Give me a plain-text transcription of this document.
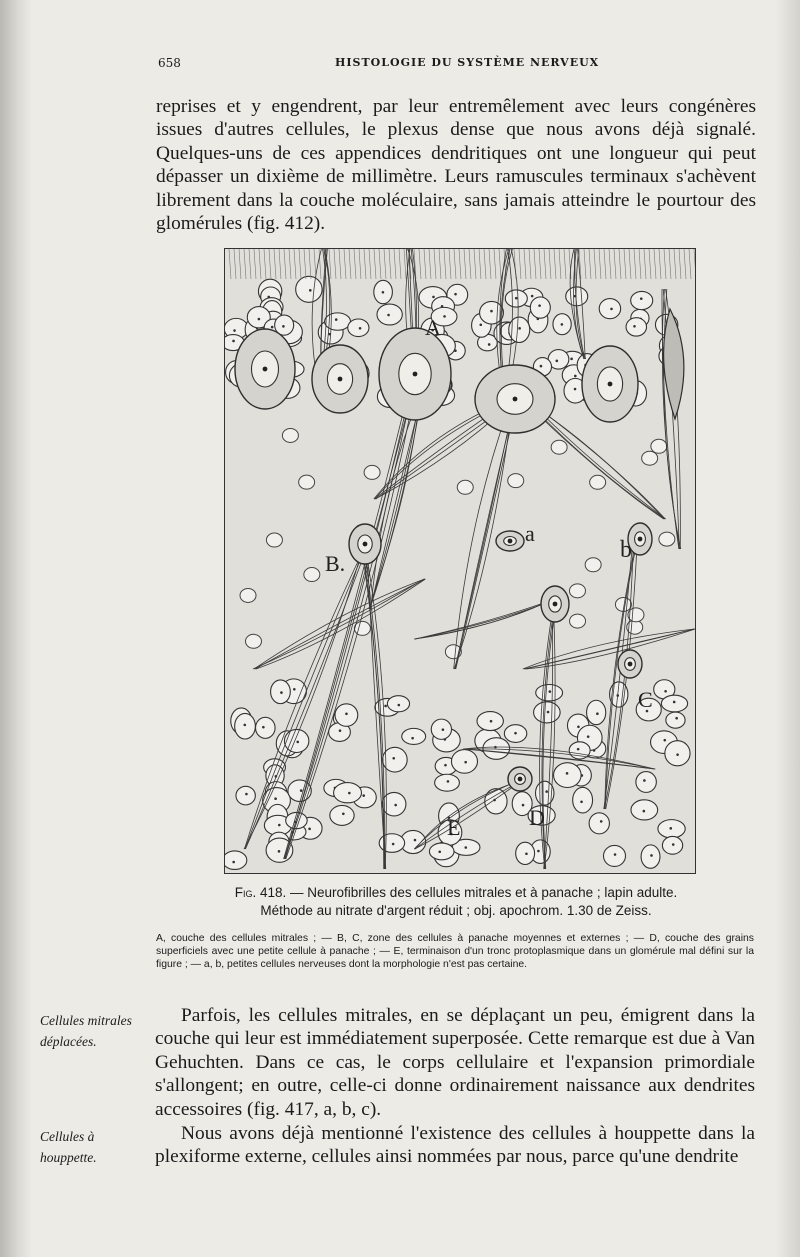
658	HISTOLOGIE DU SYSTÈME NERVEUX

reprises et y engendrent, par leur entremêlement avec leurs congénères issues d'autres cellules, le plexus dense que nous avons déjà signalé. Quelques-uns de ces appendices dendritiques ont une longueur qui peut dépasser un dixième de millimètre. Leurs ramuscules terminaux s'achèvent librement dans la couche moléculaire, sans jamais atteindre le pourtour des glomérules (fig. 412).

A
B.
a
b
C
D
E
Fig. 418. — Neurofibrilles des cellules mitrales et à panache ; lapin adulte.
Méthode au nitrate d'argent réduit ; obj. apochrom. 1.30 de Zeiss.

A, couche des cellules mitrales ; — B, C, zone des cellules à panache moyennes et externes ; — D, couche des grains superficiels avec une petite cellule à panache ; — E, terminaison d'un tronc protoplasmique dans un glomérule mal défini sur la figure ; — a, b, petites cellules nerveuses dont la morphologie n'est pas certaine.

Cellules mitrales déplacées.

Parfois, les cellules mitrales, en se déplaçant un peu, émigrent dans la couche qui leur est immédiatement superposée. Cette remarque est due à Van Gehuchten. Dans ce cas, le corps cellulaire et l'expansion primordiale s'allongent; en outre, celle-ci donne ordinairement naissance aux dendrites accessoires (fig. 417, a, b, c).

Cellules à houppette.

Nous avons déjà mentionné l'existence des cellules à houppette dans la plexiforme externe, cellules ainsi nommées par nous, parce qu'une dendrite
